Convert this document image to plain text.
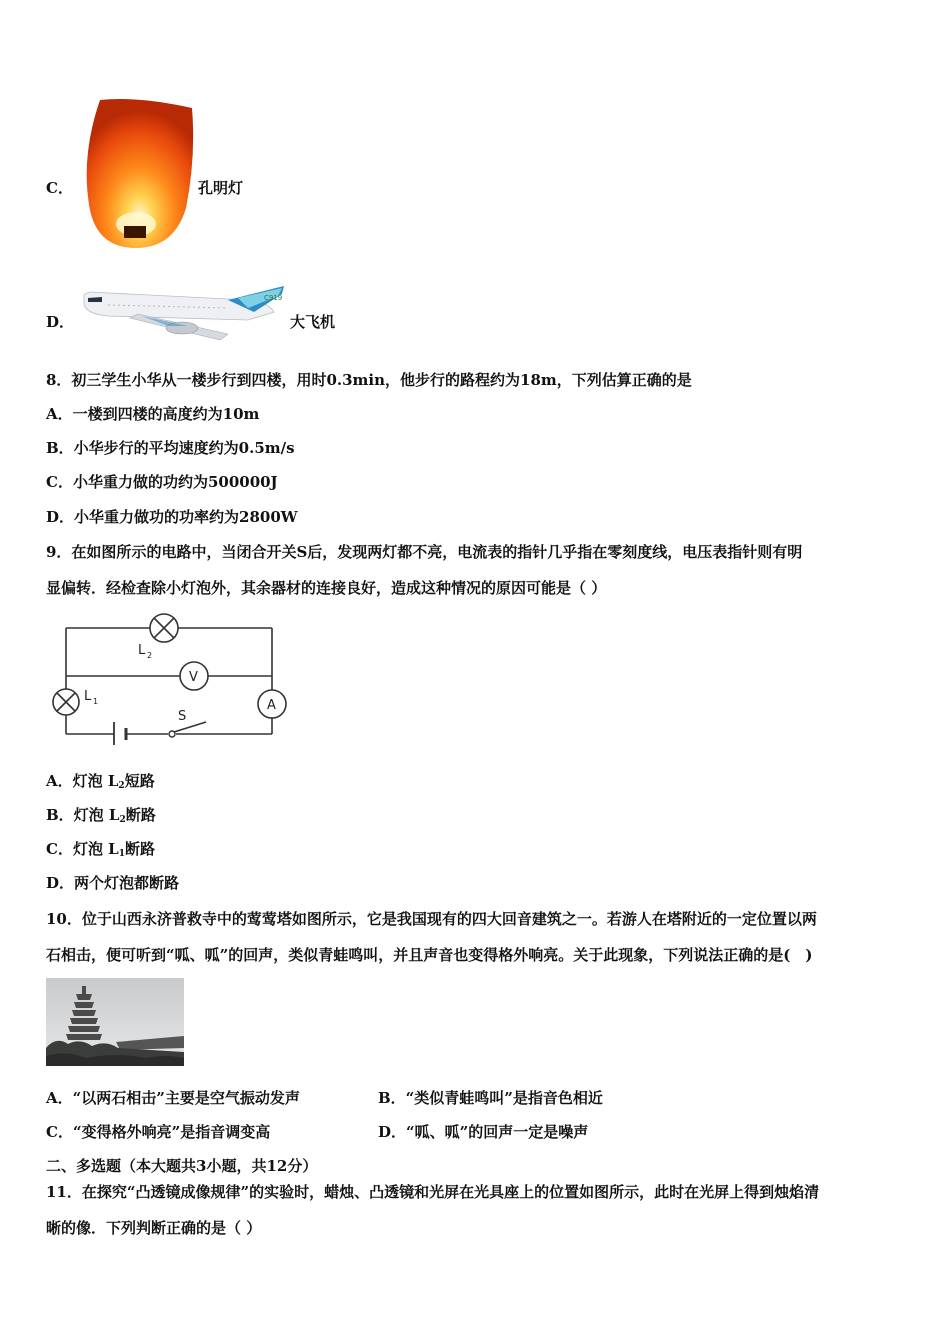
C．	孔明灯
D．
C919
大飞机
8．初三学生小华从一楼步行到四楼，用时0.3min，他步行的路程约为18m，下列估算正确的是
A．一楼到四楼的高度约为10m
B．小华步行的平均速度约为0.5m/s
C．小华重力做的功约为500000J
D．小华重力做功的功率约为2800W
9．在如图所示的电路中，当闭合开关S后，发现两灯都不亮，电流表的指针几乎指在零刻度线，电压表指针则有明
显偏转．经检查除小灯泡外，其余器材的连接良好，造成这种情况的原因可能是（ ）
L 2
V
L 1	A
S
A．灯泡 $L_2$短路
B．灯泡 $L_2$断路
C．灯泡 $L_1$断路
D．两个灯泡都断路
10．位于山西永济普救寺中的莺莺塔如图所示，它是我国现有的四大回音建筑之一。若游人在塔附近的一定位置以两
石相击，便可听到“呱、呱”的回声，类似青蛙鸣叫，并且声音也变得格外响亮。关于此现象，下列说法正确的是(　)
A．“以两石相击”主要是空气振动发声	B．“类似青蛙鸣叫”是指音色相近
C．“变得格外响亮”是指音调变高	D．“呱、呱”的回声一定是噪声
二、多选题（本大题共3小题，共12分）
11．在探究“凸透镜成像规律”的实验时，蜡烛、凸透镜和光屏在光具座上的位置如图所示，此时在光屏上得到烛焰清
晰的像．下列判断正确的是（ ）
